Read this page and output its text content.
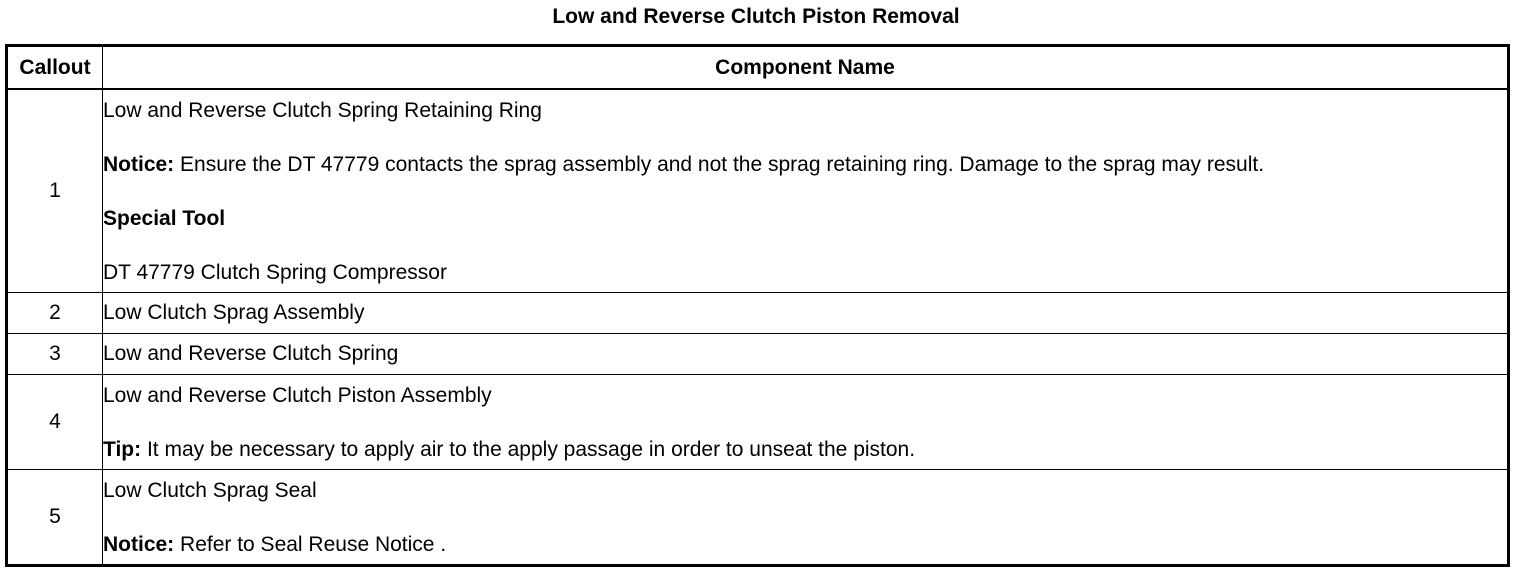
Low and Reverse Clutch Piston Removal
Callout	Component Name
1	Low and Reverse Clutch Spring Retaining Ring
Notice: Ensure the DT 47779 contacts the sprag assembly and not the sprag retaining ring. Damage to the sprag may result.
Special Tool
DT 47779 Clutch Spring Compressor

2	Low Clutch Sprag Assembly

3	Low and Reverse Clutch Spring

4	Low and Reverse Clutch Piston Assembly
Tip: It may be necessary to apply air to the apply passage in order to unseat the piston.

5	Low Clutch Sprag Seal
Notice: Refer to Seal Reuse Notice .
